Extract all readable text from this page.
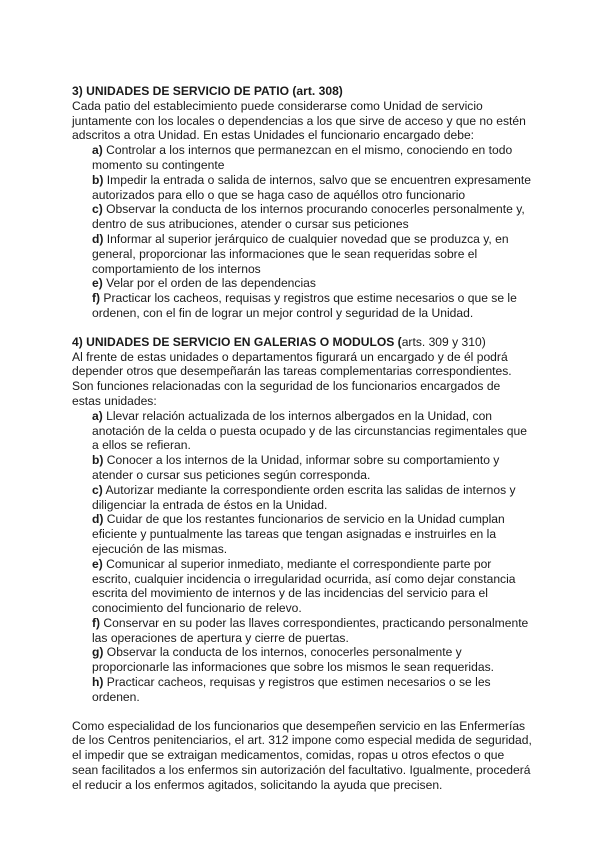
3) UNIDADES DE SERVICIO DE PATIO (art. 308)

Cada patio del establecimiento puede considerarse como Unidad de servicio juntamente con los locales o dependencias a los que sirve de acceso y que no estén adscritos a otra Unidad. En estas Unidades el funcionario encargado debe:

a) Controlar a los internos que permanezcan en el mismo, conociendo en todo momento su contingente

b) Impedir la entrada o salida de internos, salvo que se encuentren expresamente autorizados para ello o que se haga caso de aquéllos otro funcionario

c) Observar la conducta de los internos procurando conocerles personalmente y, dentro de sus atribuciones, atender o cursar sus peticiones

d) Informar al superior jerárquico de cualquier novedad que se produzca y, en general, proporcionar las informaciones que le sean requeridas sobre el comportamiento de los internos

e) Velar por el orden de las dependencias

f) Practicar los cacheos, requisas y registros que estime necesarios o que se le ordenen, con el fin de lograr un mejor control y seguridad de la Unidad.

4) UNIDADES DE SERVICIO EN GALERIAS O MODULOS (arts. 309 y 310)

Al frente de estas unidades o departamentos figurará un encargado y de él podrá depender otros que desempeñarán las tareas complementarias correspondientes. Son funciones relacionadas con la seguridad de los funcionarios encargados de estas unidades:

a) Llevar relación actualizada de los internos albergados en la Unidad, con anotación de la celda o puesta ocupado y de las circunstancias regimentales que a ellos se refieran.

b) Conocer a los internos de la Unidad, informar sobre su comportamiento y atender o cursar sus peticiones según corresponda.

c) Autorizar mediante la correspondiente orden escrita las salidas de internos y diligenciar la entrada de éstos en la Unidad.

d) Cuidar de que los restantes funcionarios de servicio en la Unidad cumplan eficiente y puntualmente las tareas que tengan asignadas e instruirles en la ejecución de las mismas.

e) Comunicar al superior inmediato, mediante el correspondiente parte por escrito, cualquier incidencia o irregularidad ocurrida, así como dejar constancia escrita del movimiento de internos y de las incidencias del servicio para el conocimiento del funcionario de relevo.

f) Conservar en su poder las llaves correspondientes, practicando personalmente las operaciones de apertura y cierre de puertas.

g) Observar la conducta de los internos, conocerles personalmente y proporcionarle las informaciones que sobre los mismos le sean requeridas.

h) Practicar cacheos, requisas y registros que estimen necesarios o se les ordenen.

Como especialidad de los funcionarios que desempeñen servicio en las Enfermerías de los Centros penitenciarios, el art. 312 impone como especial medida de seguridad, el impedir que se extraigan medicamentos, comidas, ropas u otros efectos o que sean facilitados a los enfermos sin autorización del facultativo. Igualmente, procederá el reducir a los enfermos agitados, solicitando la ayuda que precisen.
